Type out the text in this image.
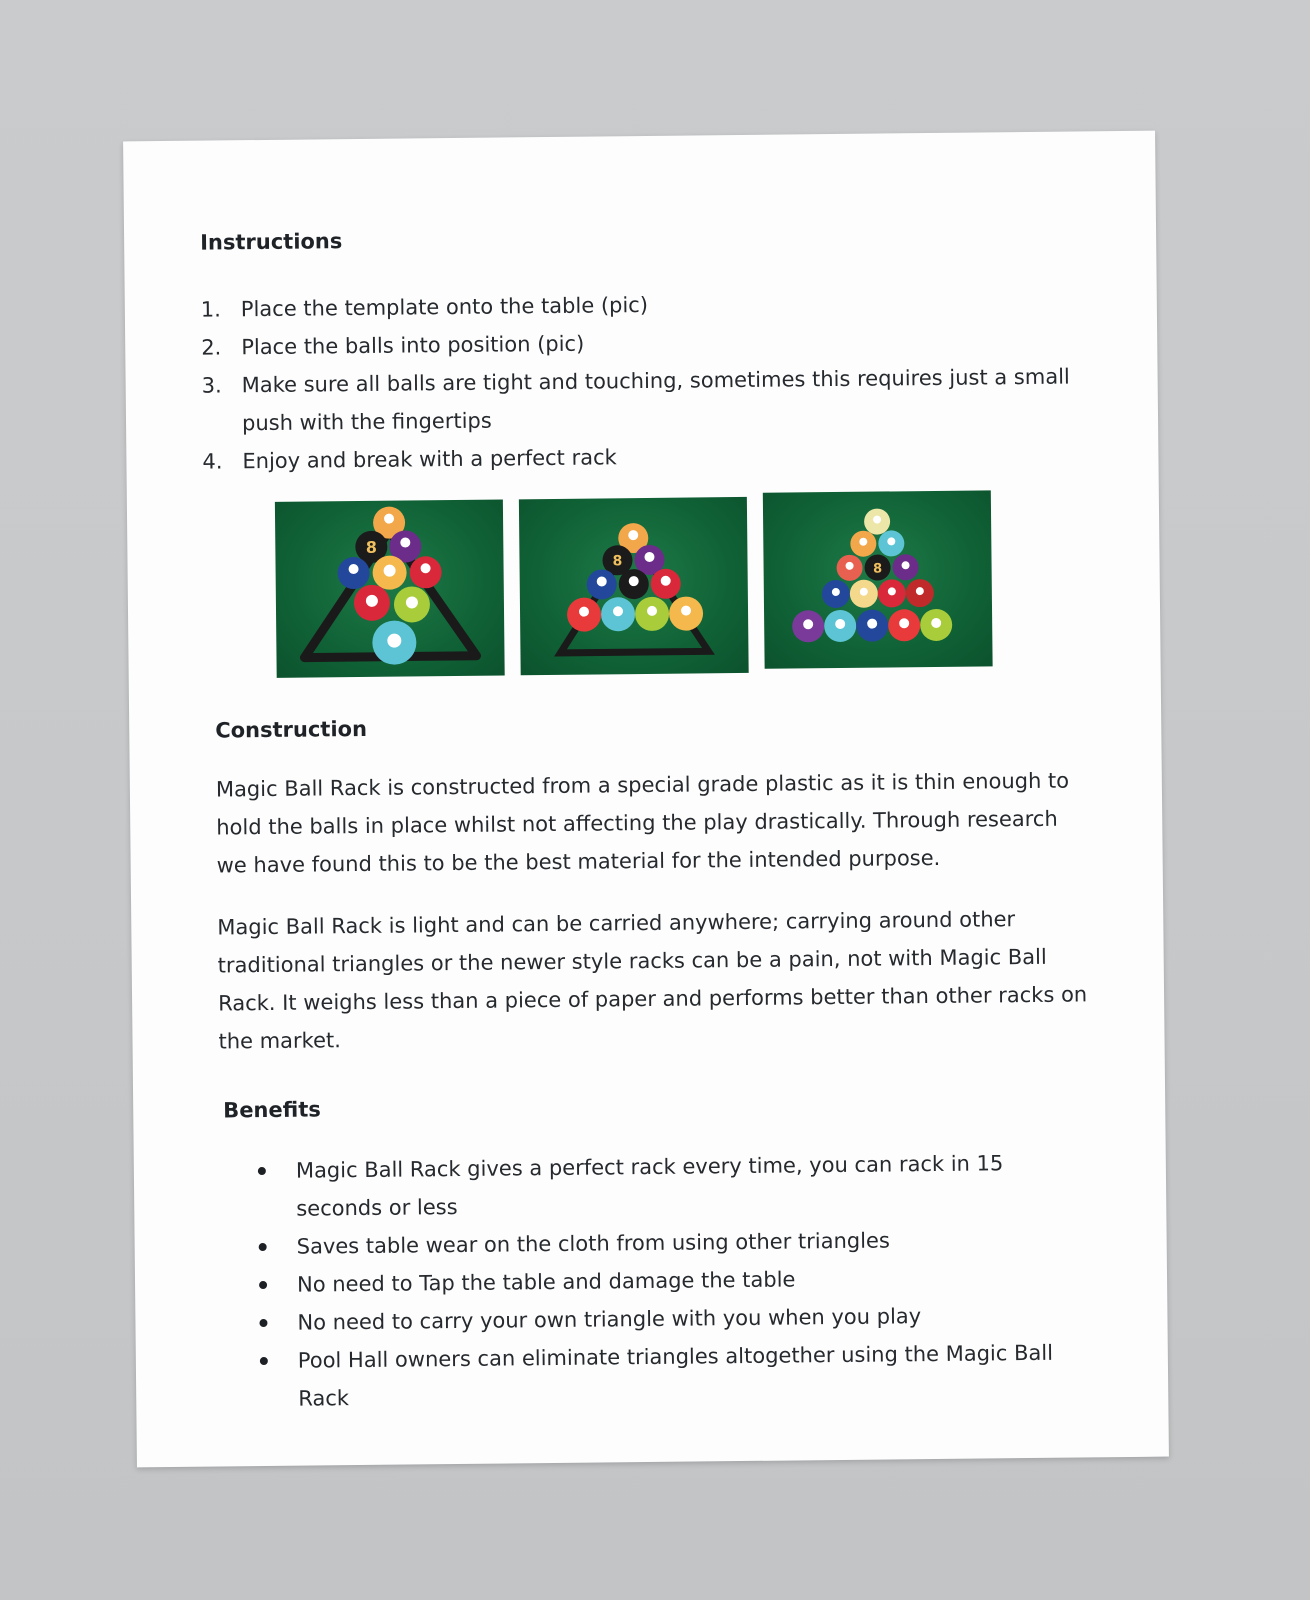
Instructions
1. Place the template onto the table (pic)
2. Place the balls into position (pic)
3. Make sure all balls are tight and touching, sometimes this requires just a small push with the fingertips
4. Enjoy and break with a perfect rack
8
8	8
Construction

Magic Ball Rack is constructed from a special grade plastic as it is thin enough to hold the balls in place whilst not affecting the play drastically. Through research we have found this to be the best material for the intended purpose.

Magic Ball Rack is light and can be carried anywhere; carrying around other traditional triangles or the newer style racks can be a pain, not with Magic Ball Rack. It weighs less than a piece of paper and performs better than other racks on the market.

Benefits
Magic Ball Rack gives a perfect rack every time, you can rack in 15 seconds or less
Saves table wear on the cloth from using other triangles
No need to Tap the table and damage the table
No need to carry your own triangle with you when you play
Pool Hall owners can eliminate triangles altogether using the Magic Ball Rack
